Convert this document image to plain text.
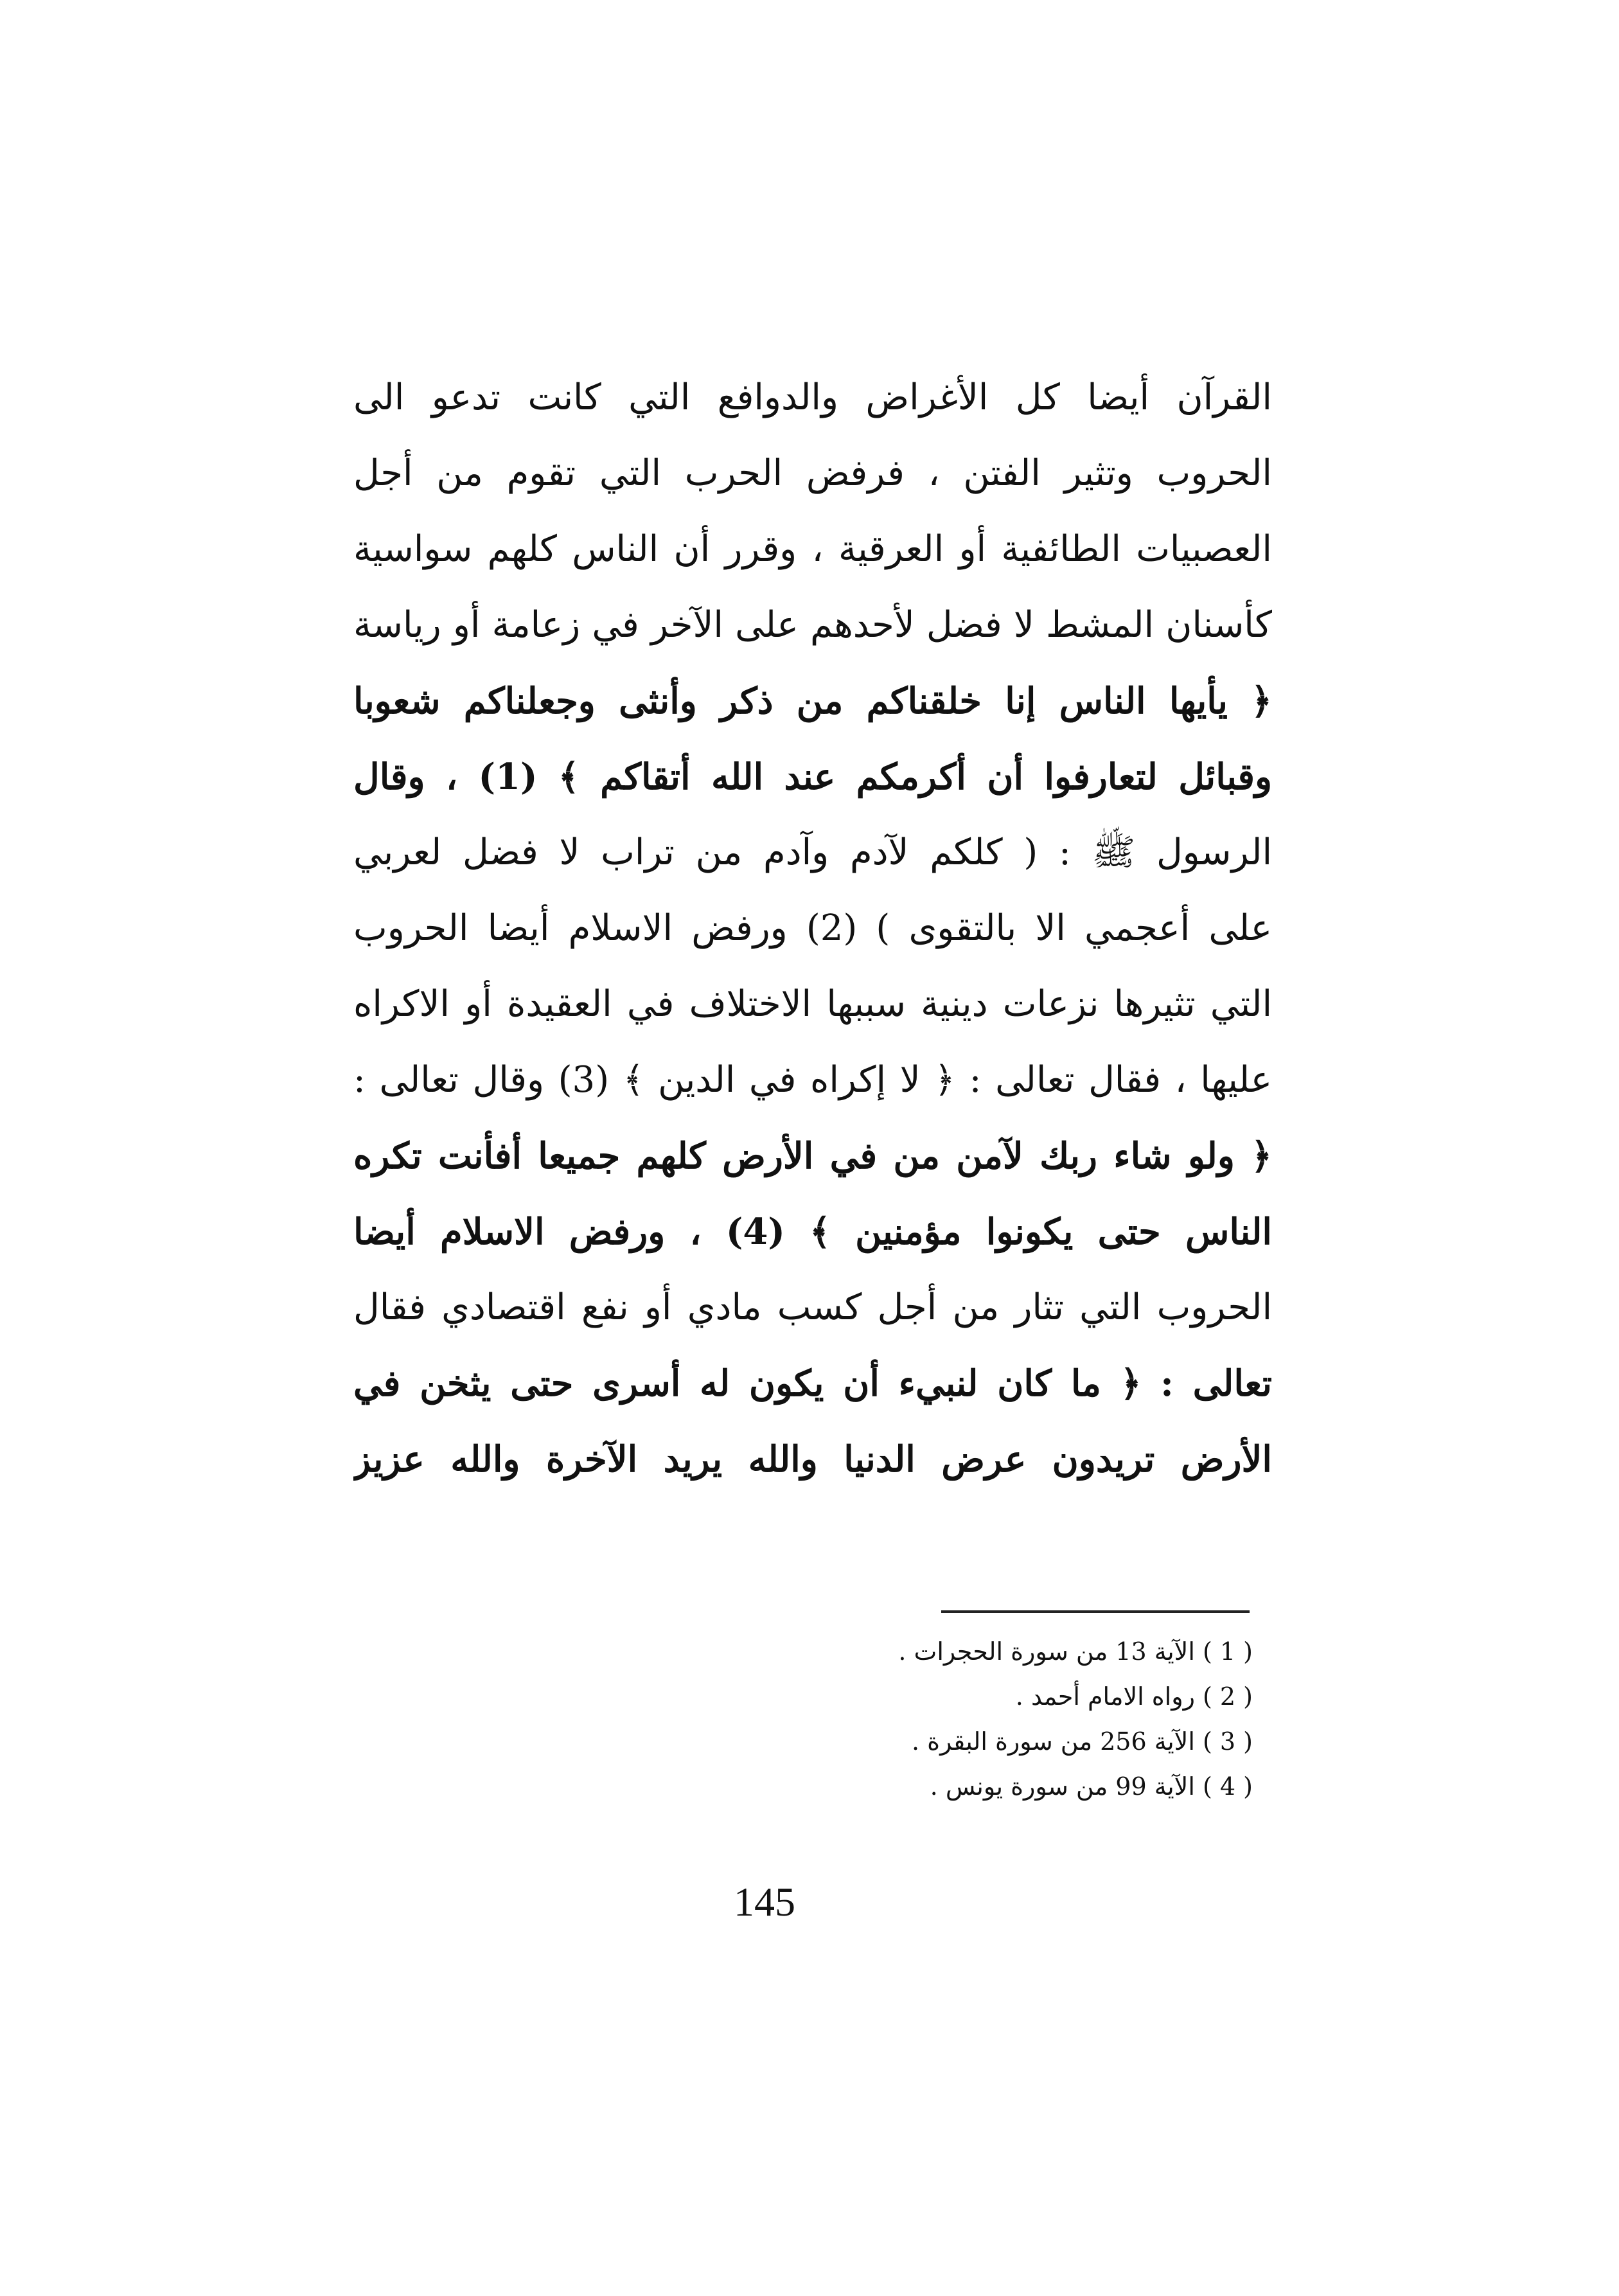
القرآن أيضا كل الأغراض والدوافع التي كانت تدعو الى
الحروب وتثير الفتن ، فرفض الحرب التي تقوم من أجل
العصبيات الطائفية أو العرقية ، وقرر أن الناس كلهم سواسية
كأسنان المشط لا فضل لأحدهم على الآخر في زعامة أو رياسة
﴿ يأيها الناس إنا خلقناكم من ذكر وأنثى وجعلناكم شعوبا
وقبائل لتعارفوا أن أكرمكم عند الله أتقاكم ﴾ (1) ، وقال
الرسول ﷺ : ( كلكم لآدم وآدم من تراب لا فضل لعربي
على أعجمي الا بالتقوى ) (2) ورفض الاسلام أيضا الحروب
التي تثيرها نزعات دينية سببها الاختلاف في العقيدة أو الاكراه
عليها ، فقال تعالى : ﴿ لا إكراه في الدين ﴾ (3) وقال تعالى :
﴿ ولو شاء ربك لآمن من في الأرض كلهم جميعا أفأنت تكره
الناس حتى يكونوا مؤمنين ﴾ (4) ، ورفض الاسلام أيضا
الحروب التي تثار من أجل كسب مادي أو نفع اقتصادي فقال
تعالى : ﴿ ما كان لنبيء أن يكون له أسرى حتى يثخن في
الأرض تريدون عرض الدنيا والله يريد الآخرة والله عزيز
( 1 ) الآية 13 من سورة الحجرات .
( 2 ) رواه الامام أحمد .
( 3 ) الآية 256 من سورة البقرة .
( 4 ) الآية 99 من سورة يونس .
145
